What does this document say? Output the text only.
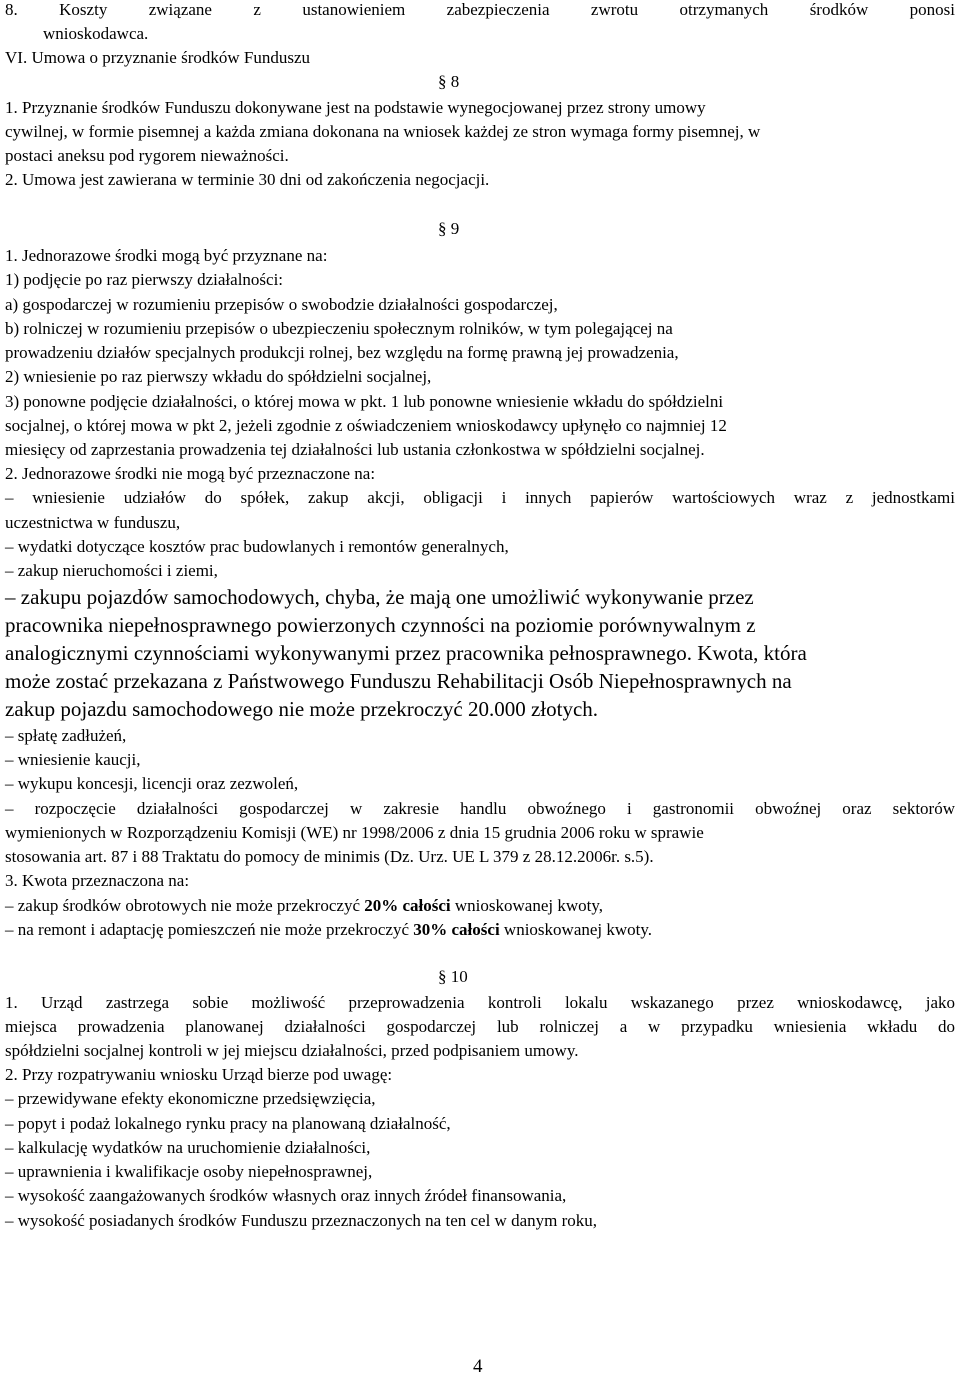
8. Koszty związane z ustanowieniem zabezpieczenia zwrotu otrzymanych środków ponosi
wnioskodawca.
VI. Umowa o przyznanie środków Funduszu
§ 8
1. Przyznanie środków Funduszu dokonywane jest na podstawie wynegocjowanej przez strony umowy
cywilnej, w formie pisemnej a każda zmiana dokonana na wniosek każdej ze stron wymaga formy pisemnej, w
postaci aneksu pod rygorem nieważności.
2. Umowa jest zawierana w terminie 30 dni od zakończenia negocjacji.
§ 9
1. Jednorazowe środki mogą być przyznane na:
1) podjęcie po raz pierwszy działalności:
a) gospodarczej w rozumieniu przepisów o swobodzie działalności gospodarczej,
b) rolniczej w rozumieniu przepisów o ubezpieczeniu społecznym rolników, w tym polegającej na
prowadzeniu działów specjalnych produkcji rolnej, bez względu na formę prawną jej prowadzenia,
2) wniesienie po raz pierwszy wkładu do spółdzielni socjalnej,
3) ponowne podjęcie działalności, o której mowa w pkt. 1 lub ponowne wniesienie wkładu do spółdzielni
socjalnej, o której mowa w pkt 2, jeżeli zgodnie z oświadczeniem wnioskodawcy upłynęło co najmniej 12
miesięcy od zaprzestania prowadzenia tej działalności lub ustania członkostwa w spółdzielni socjalnej.
2. Jednorazowe środki nie mogą być przeznaczone na:
– wniesienie udziałów do spółek, zakup akcji, obligacji i innych papierów wartościowych wraz z jednostkami
uczestnictwa w funduszu,
– wydatki dotyczące kosztów prac budowlanych i remontów generalnych,
– zakup nieruchomości i ziemi,
– zakupu pojazdów samochodowych, chyba, że mają one umożliwić wykonywanie przez
pracownika niepełnosprawnego powierzonych czynności na poziomie porównywalnym z
analogicznymi czynnościami wykonywanymi przez pracownika pełnosprawnego. Kwota, która
może zostać przekazana z Państwowego Funduszu Rehabilitacji Osób Niepełnosprawnych na
zakup pojazdu samochodowego nie może przekroczyć 20.000 złotych.
– spłatę zadłużeń,
– wniesienie kaucji,
– wykupu koncesji, licencji oraz zezwoleń,
– rozpoczęcie działalności gospodarczej w zakresie handlu obwoźnego i gastronomii obwoźnej oraz sektorów
wymienionych w Rozporządzeniu Komisji (WE) nr 1998/2006 z dnia 15 grudnia 2006 roku w sprawie
stosowania art. 87 i 88 Traktatu do pomocy de minimis (Dz. Urz. UE L 379 z 28.12.2006r. s.5).
3. Kwota przeznaczona na:
– zakup środków obrotowych nie może przekroczyć 20% całości wnioskowanej kwoty,
– na remont i adaptację pomieszczeń nie może przekroczyć 30% całości wnioskowanej kwoty.
§ 10
1. Urząd zastrzega sobie możliwość przeprowadzenia kontroli lokalu wskazanego przez wnioskodawcę, jako
miejsca prowadzenia planowanej działalności gospodarczej lub rolniczej a w przypadku wniesienia wkładu do
spółdzielni socjalnej kontroli w jej miejscu działalności, przed podpisaniem umowy.
2. Przy rozpatrywaniu wniosku Urząd bierze pod uwagę:
– przewidywane efekty ekonomiczne przedsięwzięcia,
– popyt i podaż lokalnego rynku pracy na planowaną działalność,
– kalkulację wydatków na uruchomienie działalności,
– uprawnienia i kwalifikacje osoby niepełnosprawnej,
– wysokość zaangażowanych środków własnych oraz innych źródeł finansowania,
– wysokość posiadanych środków Funduszu przeznaczonych na ten cel w danym roku,
4
